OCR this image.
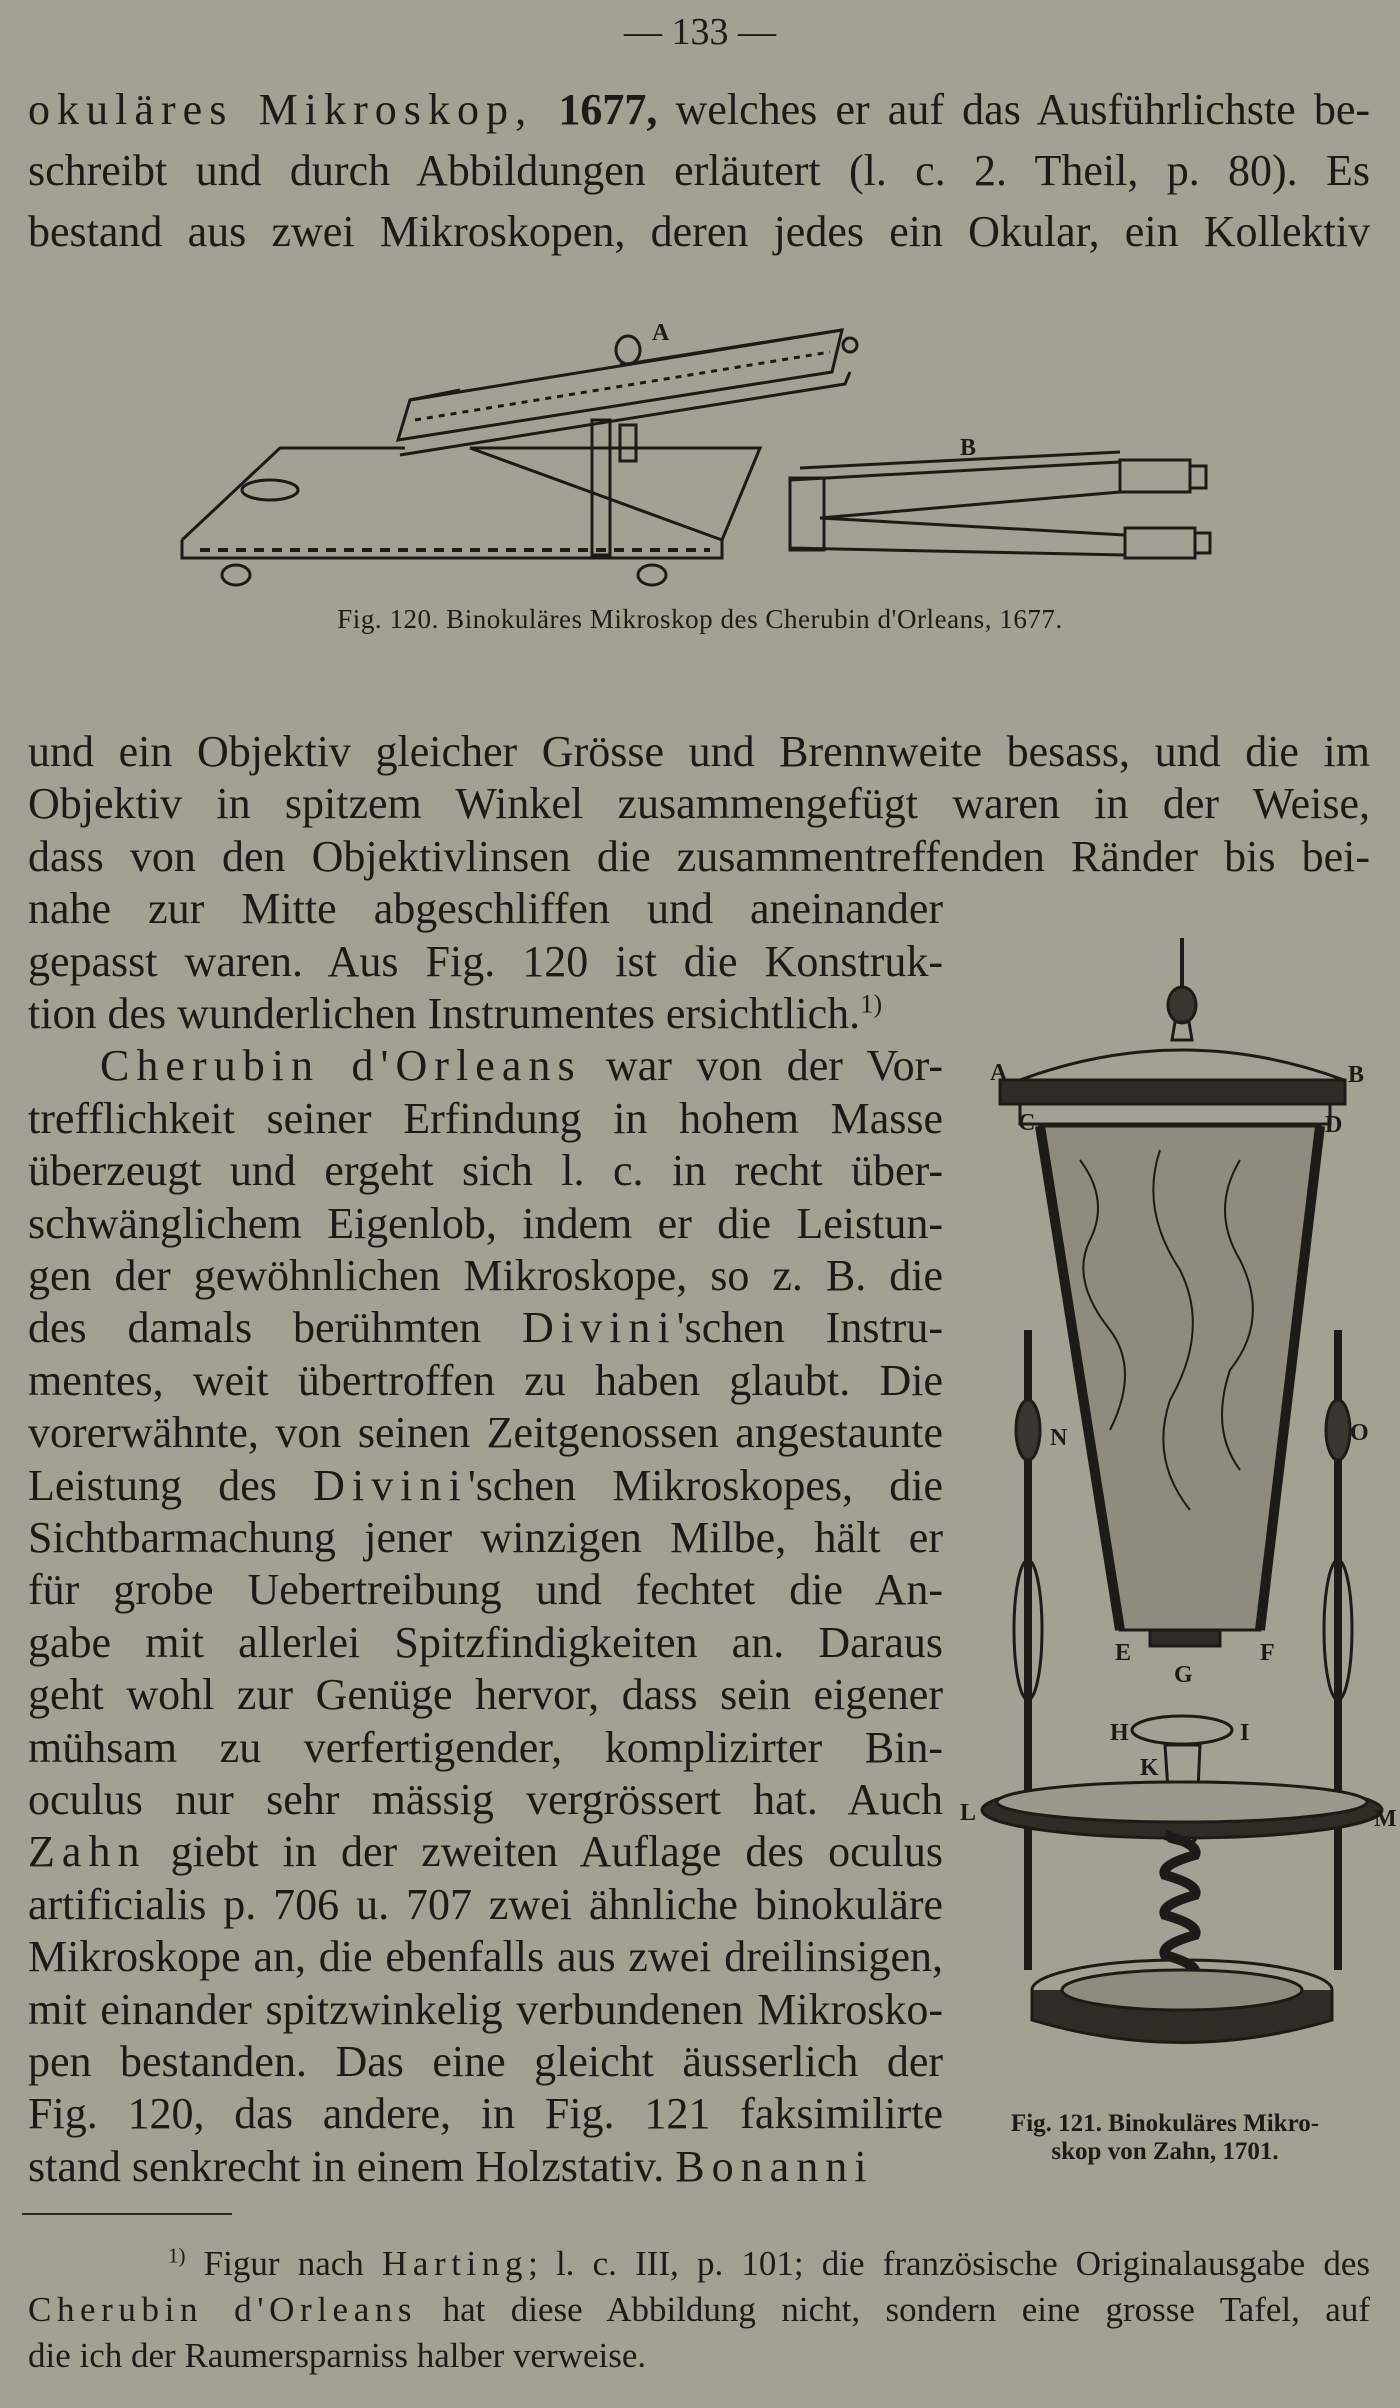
— 133 —
okuläres Mikroskop, 1677, welches er auf das Ausführlichste be-
schreibt und durch Abbildungen erläutert (l. c. 2. Theil, p. 80). Es
bestand aus zwei Mikroskopen, deren jedes ein Okular, ein Kollektiv
und ein Objektiv gleicher Grösse und Brennweite besass, und die im
Objektiv in spitzem Winkel zusammengefügt waren in der Weise,
dass von den Objektivlinsen die zusammentreffenden Ränder bis bei-
nahe zur Mitte abgeschliffen und aneinander
gepasst waren. Aus Fig. 120 ist die Konstruk-
tion des wunderlichen Instrumentes ersichtlich.$^{1)}$
Cherubin d'Orleans war von der Vor-
trefflichkeit seiner Erfindung in hohem Masse
überzeugt und ergeht sich l. c. in recht über-
schwänglichem Eigenlob, indem er die Leistun-
gen der gewöhnlichen Mikroskope, so z. B. die
des damals berühmten Divini'schen Instru-
mentes, weit übertroffen zu haben glaubt. Die
vorerwähnte, von seinen Zeitgenossen angestaunte
Leistung des Divini'schen Mikroskopes, die
Sichtbarmachung jener winzigen Milbe, hält er
für grobe Uebertreibung und fechtet die An-
gabe mit allerlei Spitzfindigkeiten an. Daraus
geht wohl zur Genüge hervor, dass sein eigener
mühsam zu verfertigender, komplizirter Bin-
oculus nur sehr mässig vergrössert hat. Auch
Zahn giebt in der zweiten Auflage des oculus
artificialis p. 706 u. 707 zwei ähnliche binokuläre
Mikroskope an, die ebenfalls aus zwei dreilinsigen,
mit einander spitzwinkelig verbundenen Mikrosko-
pen bestanden. Das eine gleicht äusserlich der
Fig. 120, das andere, in Fig. 121 faksimilirte
stand senkrecht in einem Holzstativ. Bonanni
A
B
Fig. 120. Binokuläres Mikroskop des Cherubin d'Orleans, 1677.
A	B
C	D
N	O
E	F
G
H	I
K
L	M
Fig. 121. Binokuläres Mikro-
skop von Zahn, 1701.
$^{1)}$ Figur nach Harting; l. c. III, p. 101; die französische Originalausgabe des
Cherubin d'Orleans hat diese Abbildung nicht, sondern eine grosse Tafel, auf
die ich der Raumersparniss halber verweise.
